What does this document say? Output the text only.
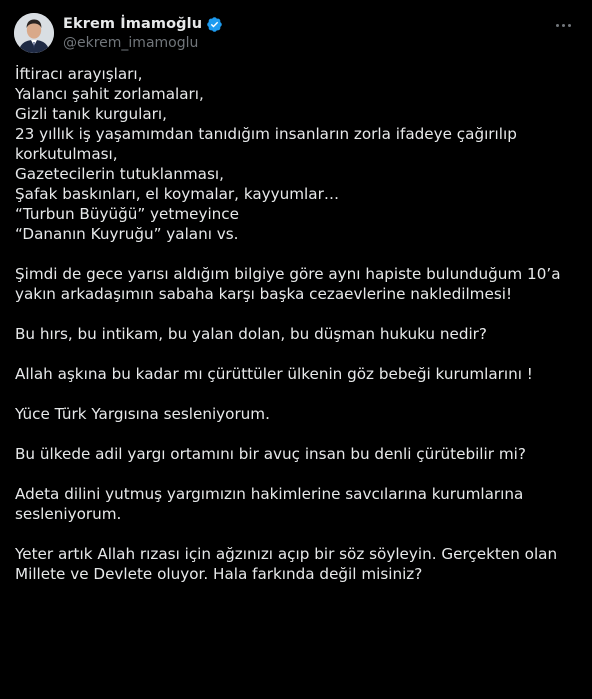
Ekrem İmamoğlu
@ekrem_imamoglu
İftiracı arayışları,
Yalancı şahit zorlamaları,
Gizli tanık kurguları,
23 yıllık iş yaşamımdan tanıdığım insanların zorla ifadeye çağırılıp
korkutulması,
Gazetecilerin tutuklanması,
Şafak baskınları, el koymalar, kayyumlar…
“Turbun Büyüğü” yetmeyince
“Dananın Kuyruğu” yalanı vs.
Şimdi de gece yarısı aldığım bilgiye göre aynı hapiste bulunduğum 10’a
yakın arkadaşımın sabaha karşı başka cezaevlerine nakledilmesi!
Bu hırs, bu intikam, bu yalan dolan, bu düşman hukuku nedir?
Allah aşkına bu kadar mı çürüttüler ülkenin göz bebeği kurumlarını !
Yüce Türk Yargısına sesleniyorum.
Bu ülkede adil yargı ortamını bir avuç insan bu denli çürütebilir mi?
Adeta dilini yutmuş yargımızın hakimlerine savcılarına kurumlarına
sesleniyorum.
Yeter artık Allah rızası için ağzınızı açıp bir söz söyleyin. Gerçekten olan
Millete ve Devlete oluyor. Hala farkında değil misiniz?
